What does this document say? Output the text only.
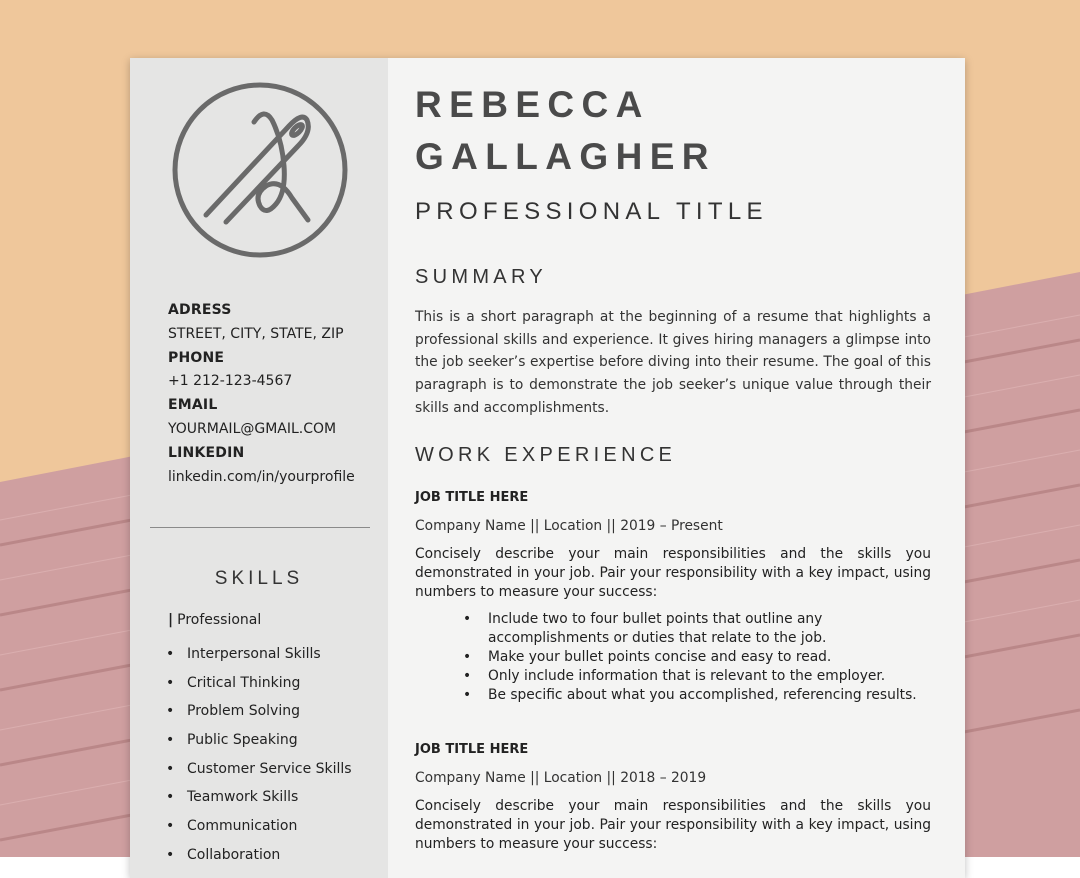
ADRESS
STREET, CITY, STATE, ZIP
PHONE
+1 212-123-4567
EMAIL
YOURMAIL@GMAIL.COM
LINKEDIN
linkedin.com/in/yourprofile
SKILLS
| Professional
• Interpersonal Skills
• Critical Thinking
• Problem Solving
• Public Speaking
• Customer Service Skills
• Teamwork Skills
• Communication
• Collaboration
REBECCA
GALLAGHER
PROFESSIONAL TITLE
SUMMARY
This is a short paragraph at the beginning of a resume that highlights a professional skills and experience. It gives hiring managers a glimpse into the job seeker’s expertise before diving into their resume. The goal of this paragraph is to demonstrate the job seeker’s unique value through their skills and accomplishments.
WORK EXPERIENCE
JOB TITLE HERE
Company Name || Location || 2019 – Present
Concisely describe your main responsibilities and the skills you demonstrated in your job. Pair your responsibility with a key impact, using numbers to measure your success:
• Include two to four bullet points that outline any accomplishments or duties that relate to the job.
• Make your bullet points concise and easy to read.
• Only include information that is relevant to the employer.
• Be specific about what you accomplished, referencing results.
JOB TITLE HERE
Company Name || Location || 2018 – 2019
Concisely describe your main responsibilities and the skills you demonstrated in your job. Pair your responsibility with a key impact, using numbers to measure your success:
